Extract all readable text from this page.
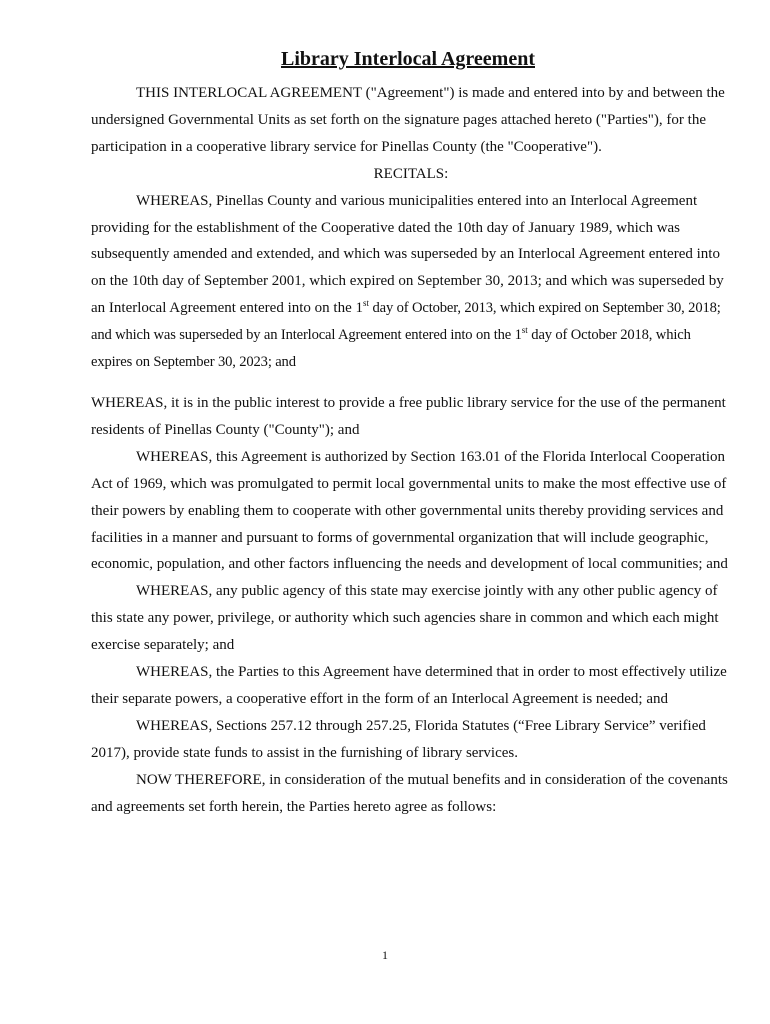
Library Interlocal Agreement

THIS INTERLOCAL AGREEMENT ("Agreement") is made and entered into by and between the undersigned Governmental Units as set forth on the signature pages attached hereto ("Parties"), for the participation in a cooperative library service for Pinellas County (the "Cooperative").

RECITALS:

WHEREAS, Pinellas County and various municipalities entered into an Interlocal Agreement providing for the establishment of the Cooperative dated the 10th day of January 1989, which was subsequently amended and extended, and which was superseded by an Interlocal Agreement entered into on the 10th day of September 2001, which expired on September 30, 2013; and which was superseded by an Interlocal Agreement entered into on the 1st day of October, 2013, which expired on September 30, 2018; and which was superseded by an Interlocal Agreement entered into on the 1st day of October 2018, which expires on September 30, 2023; and

WHEREAS, it is in the public interest to provide a free public library service for the use of the permanent residents of Pinellas County ("County"); and

WHEREAS, this Agreement is authorized by Section 163.01 of the Florida Interlocal Cooperation Act of 1969, which was promulgated to permit local governmental units to make the most effective use of their powers by enabling them to cooperate with other governmental units thereby providing services and facilities in a manner and pursuant to forms of governmental organization that will include geographic, economic, population, and other factors influencing the needs and development of local communities; and

WHEREAS, any public agency of this state may exercise jointly with any other public agency of this state any power, privilege, or authority which such agencies share in common and which each might exercise separately; and

WHEREAS, the Parties to this Agreement have determined that in order to most effectively utilize their separate powers, a cooperative effort in the form of an Interlocal Agreement is needed; and

WHEREAS, Sections 257.12 through 257.25, Florida Statutes (“Free Library Service” verified 2017), provide state funds to assist in the furnishing of library services.

NOW THEREFORE, in consideration of the mutual benefits and in consideration of the covenants and agreements set forth herein, the Parties hereto agree as follows:

1
